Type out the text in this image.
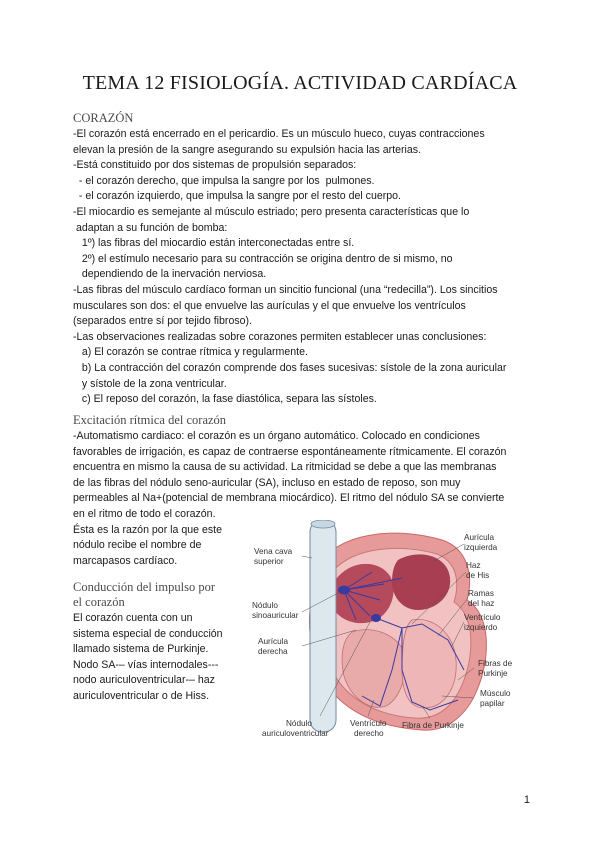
TEMA 12 FISIOLOGÍA. ACTIVIDAD CARDÍACA
CORAZÓN
-El corazón está encerrado en el pericardio. Es un músculo hueco, cuyas contracciones
elevan la presión de la sangre asegurando su expulsión hacia las arterias.
-Está constituido por dos sistemas de propulsión separados:
- el corazón derecho, que impulsa la sangre por los  pulmones.
- el corazón izquierdo, que impulsa la sangre por el resto del cuerpo.
-El miocardio es semejante al músculo estriado; pero presenta características que lo
adaptan a su función de bomba:
1º) las fibras del miocardio están interconectadas entre sí.
2º) el estímulo necesario para su contracción se origina dentro de si mismo, no
dependiendo de la inervación nerviosa.
-Las fibras del músculo cardíaco forman un sincitio funcional (una “redecilla”). Los sincitios
musculares son dos: el que envuelve las aurículas y el que envuelve los ventrículos
(separados entre sí por tejido fibroso).
-Las observaciones realizadas sobre corazones permiten establecer unas conclusiones:
a) El corazón se contrae rítmica y regularmente.
b) La contracción del corazón comprende dos fases sucesivas: sístole de la zona auricular
y sístole de la zona ventricular.
c) El reposo del corazón, la fase diastólica, separa las sístoles.
Excitación rítmica del corazón
-Automatismo cardiaco: el corazón es un órgano automático. Colocado en condiciones
favorables de irrigación, es capaz de contraerse espontáneamente rítmicamente. El corazón
encuentra en mismo la causa de su actividad. La ritmicidad se debe a que las membranas
de las fibras del nódulo seno-auricular (SA), incluso en estado de reposo, son muy
permeables al Na+(potencial de membrana miocárdico). El ritmo del nódulo SA se convierte
en el ritmo de todo el corazón.
Ésta es la razón por la que este
nódulo recibe el nombre de
marcapasos cardíaco.
Conducción del impulso por
el corazón
El corazón cuenta con un
sistema especial de conducción
llamado sistema de Purkinje.
Nodo SA-– vías internodales---
nodo auriculoventricular-– haz
auriculoventricular o de Hiss.
Vena cava superior
Aurícula izquierda
Haz de His
Ramas del haz
Nódulo sinoauricular	Ventrículo izquierdo
Aurícula derecha
Fibras de Purkinje
Músculo papilar
Nódulo auriculoventricular
Ventrículo derecho
Fibra de Purkinje
1
